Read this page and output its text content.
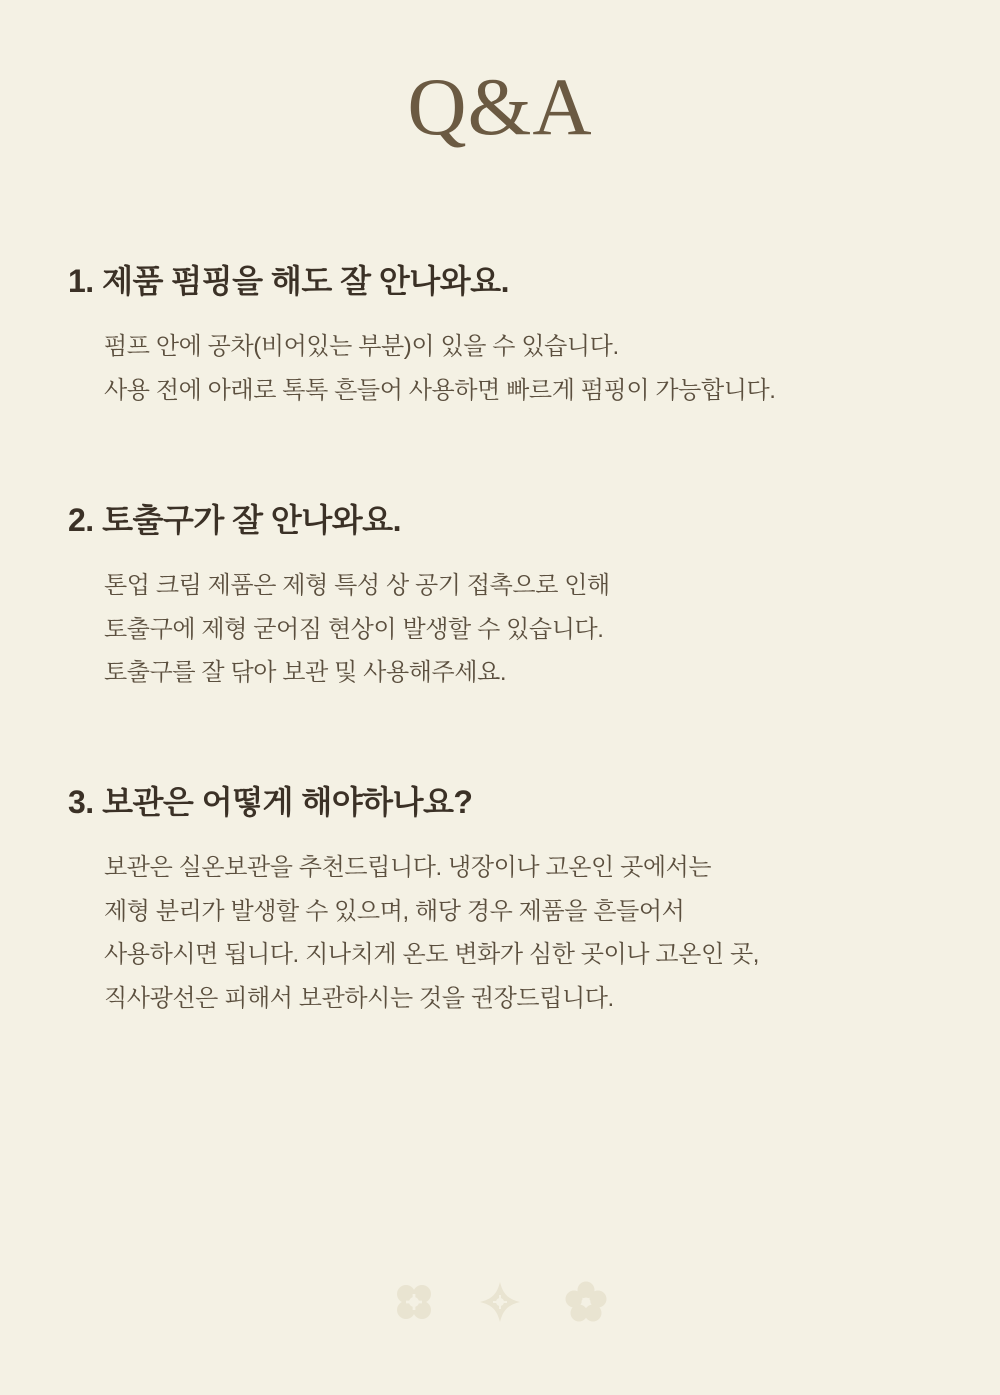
Q&A
1. 제품 펌핑을 해도 잘 안나와요.
펌프 안에 공차(비어있는 부분)이 있을 수 있습니다.
사용 전에 아래로 톡톡 흔들어 사용하면 빠르게 펌핑이 가능합니다.
2. 토출구가 잘 안나와요.
톤업 크림 제품은 제형 특성 상 공기 접촉으로 인해
토출구에 제형 굳어짐 현상이 발생할 수 있습니다.
토출구를 잘 닦아 보관 및 사용해주세요.
3. 보관은 어떻게 해야하나요?
보관은 실온보관을 추천드립니다. 냉장이나 고온인 곳에서는
제형 분리가 발생할 수 있으며, 해당 경우 제품을 흔들어서
사용하시면 됩니다. 지나치게 온도 변화가 심한 곳이나 고온인 곳,
직사광선은 피해서 보관하시는 것을 권장드립니다.
